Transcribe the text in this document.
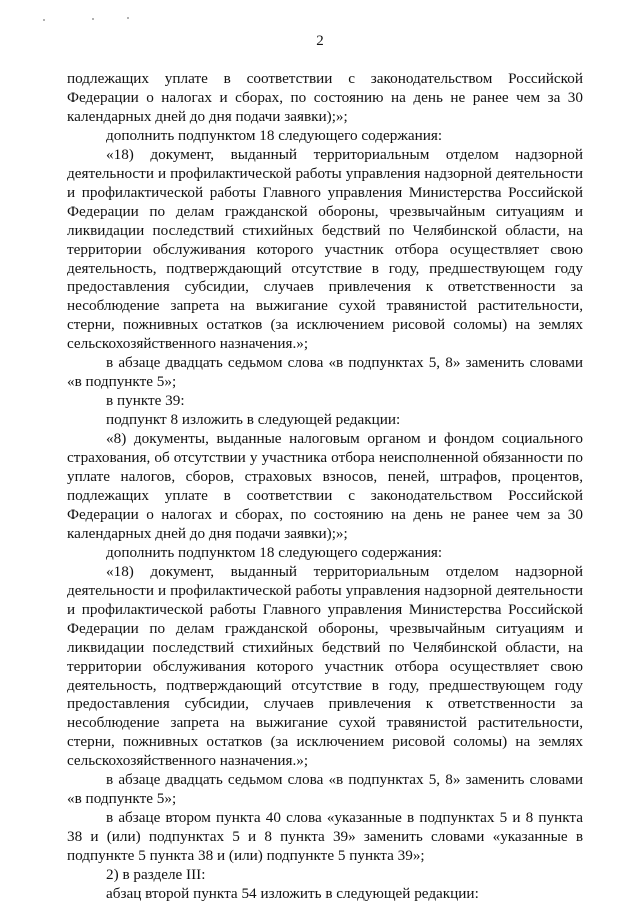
2

подлежащих уплате в соответствии с законодательством Российской Федерации о налогах и сборах, по состоянию на день не ранее чем за 30 календарных дней до дня подачи заявки);»;

дополнить подпунктом 18 следующего содержания:

«18) документ, выданный территориальным отделом надзорной деятельности и профилактической работы управления надзорной деятельности и профилактической работы Главного управления Министерства Российской Федерации по делам гражданской обороны, чрезвычайным ситуациям и ликвидации последствий стихийных бедствий по Челябинской области, на территории обслуживания которого участник отбора осуществляет свою деятельность, подтверждающий отсутствие в году, предшествующем году предоставления субсидии, случаев привлечения к ответственности за несоблюдение запрета на выжигание сухой травянистой растительности, стерни, пожнивных остатков (за исключением рисовой соломы) на землях сельскохозяйственного назначения.»;

в абзаце двадцать седьмом слова «в подпунктах 5, 8» заменить словами «в подпункте 5»;

в пункте 39:

подпункт 8 изложить в следующей редакции:

«8) документы, выданные налоговым органом и фондом социального страхования, об отсутствии у участника отбора неисполненной обязанности по уплате налогов, сборов, страховых взносов, пеней, штрафов, процентов, подлежащих уплате в соответствии с законодательством Российской Федерации о налогах и сборах, по состоянию на день не ранее чем за 30 календарных дней до дня подачи заявки);»;

дополнить подпунктом 18 следующего содержания:

«18) документ, выданный территориальным отделом надзорной деятельности и профилактической работы управления надзорной деятельности и профилактической работы Главного управления Министерства Российской Федерации по делам гражданской обороны, чрезвычайным ситуациям и ликвидации последствий стихийных бедствий по Челябинской области, на территории обслуживания которого участник отбора осуществляет свою деятельность, подтверждающий отсутствие в году, предшествующем году предоставления субсидии, случаев привлечения к ответственности за несоблюдение запрета на выжигание сухой травянистой растительности, стерни, пожнивных остатков (за исключением рисовой соломы) на землях сельскохозяйственного назначения.»;

в абзаце двадцать седьмом слова «в подпунктах 5, 8» заменить словами «в подпункте 5»;

в абзаце втором пункта 40 слова «указанные в подпунктах 5 и 8 пункта 38 и (или) подпунктах 5 и 8 пункта 39» заменить словами «указанные в подпункте 5 пункта 38 и (или) подпункте 5 пункта 39»;

2) в разделе III:

абзац второй пункта 54 изложить в следующей редакции:
